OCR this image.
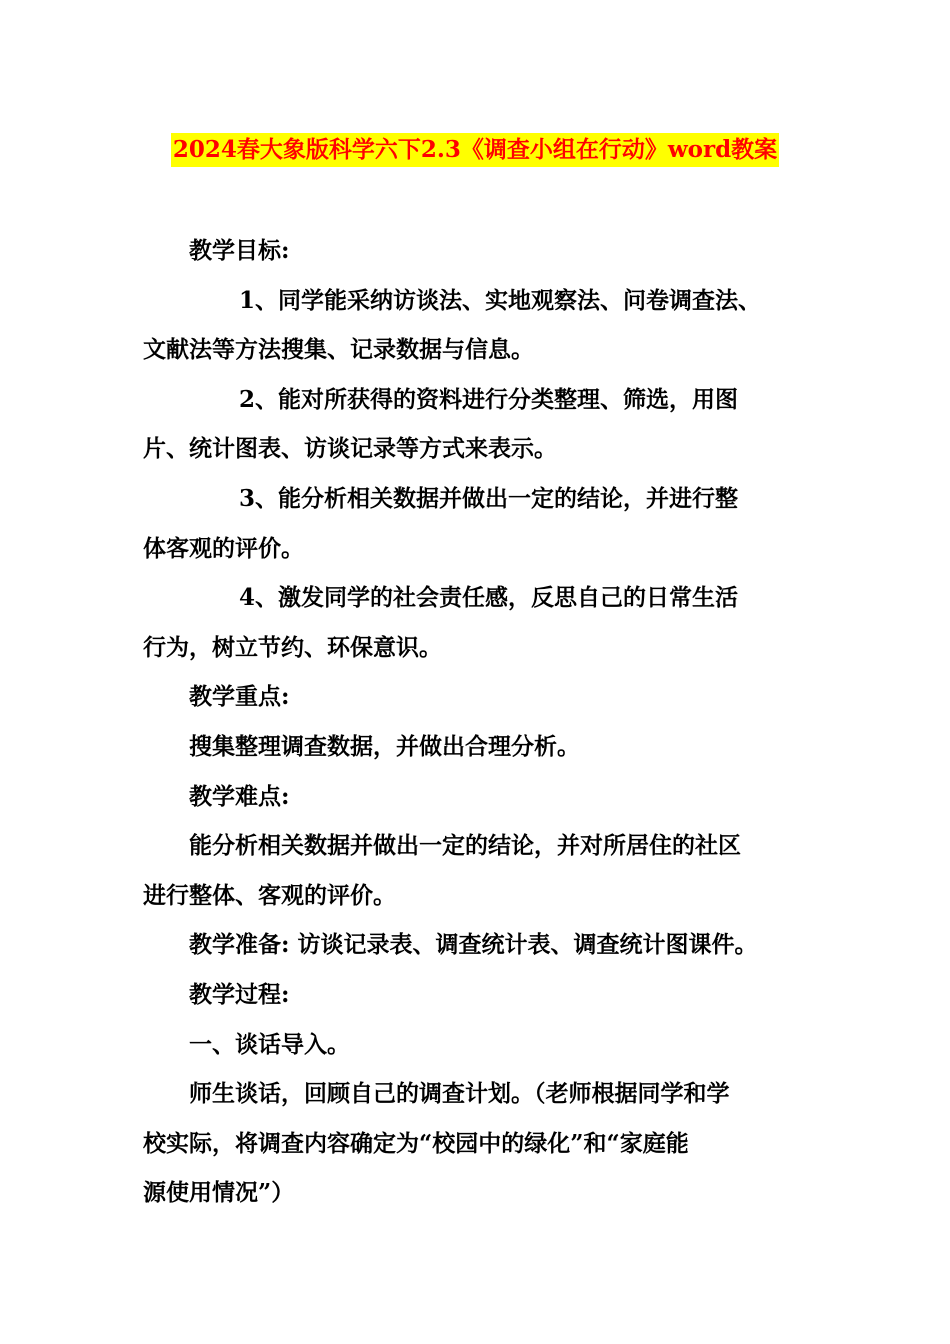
2024春大象版科学六下2.3《调查小组在行动》word教案

教学目标:

1、同学能采纳访谈法、实地观察法、问卷调查法、

文献法等方法搜集、记录数据与信息。

2、能对所获得的资料进行分类整理、筛选，用图

片、统计图表、访谈记录等方式来表示。

3、能分析相关数据并做出一定的结论，并进行整

体客观的评价。

4、激发同学的社会责任感，反思自己的日常生活

行为，树立节约、环保意识。

教学重点:

搜集整理调查数据，并做出合理分析。

教学难点:

能分析相关数据并做出一定的结论，并对所居住的社区

进行整体、客观的评价。

教学准备: 访谈记录表、调查统计表、调查统计图课件。

教学过程:

一、谈话导入。

师生谈话，回顾自己的调查计划。（老师根据同学和学

校实际，将调查内容确定为“校园中的绿化”和“家庭能

源使用情况”）
